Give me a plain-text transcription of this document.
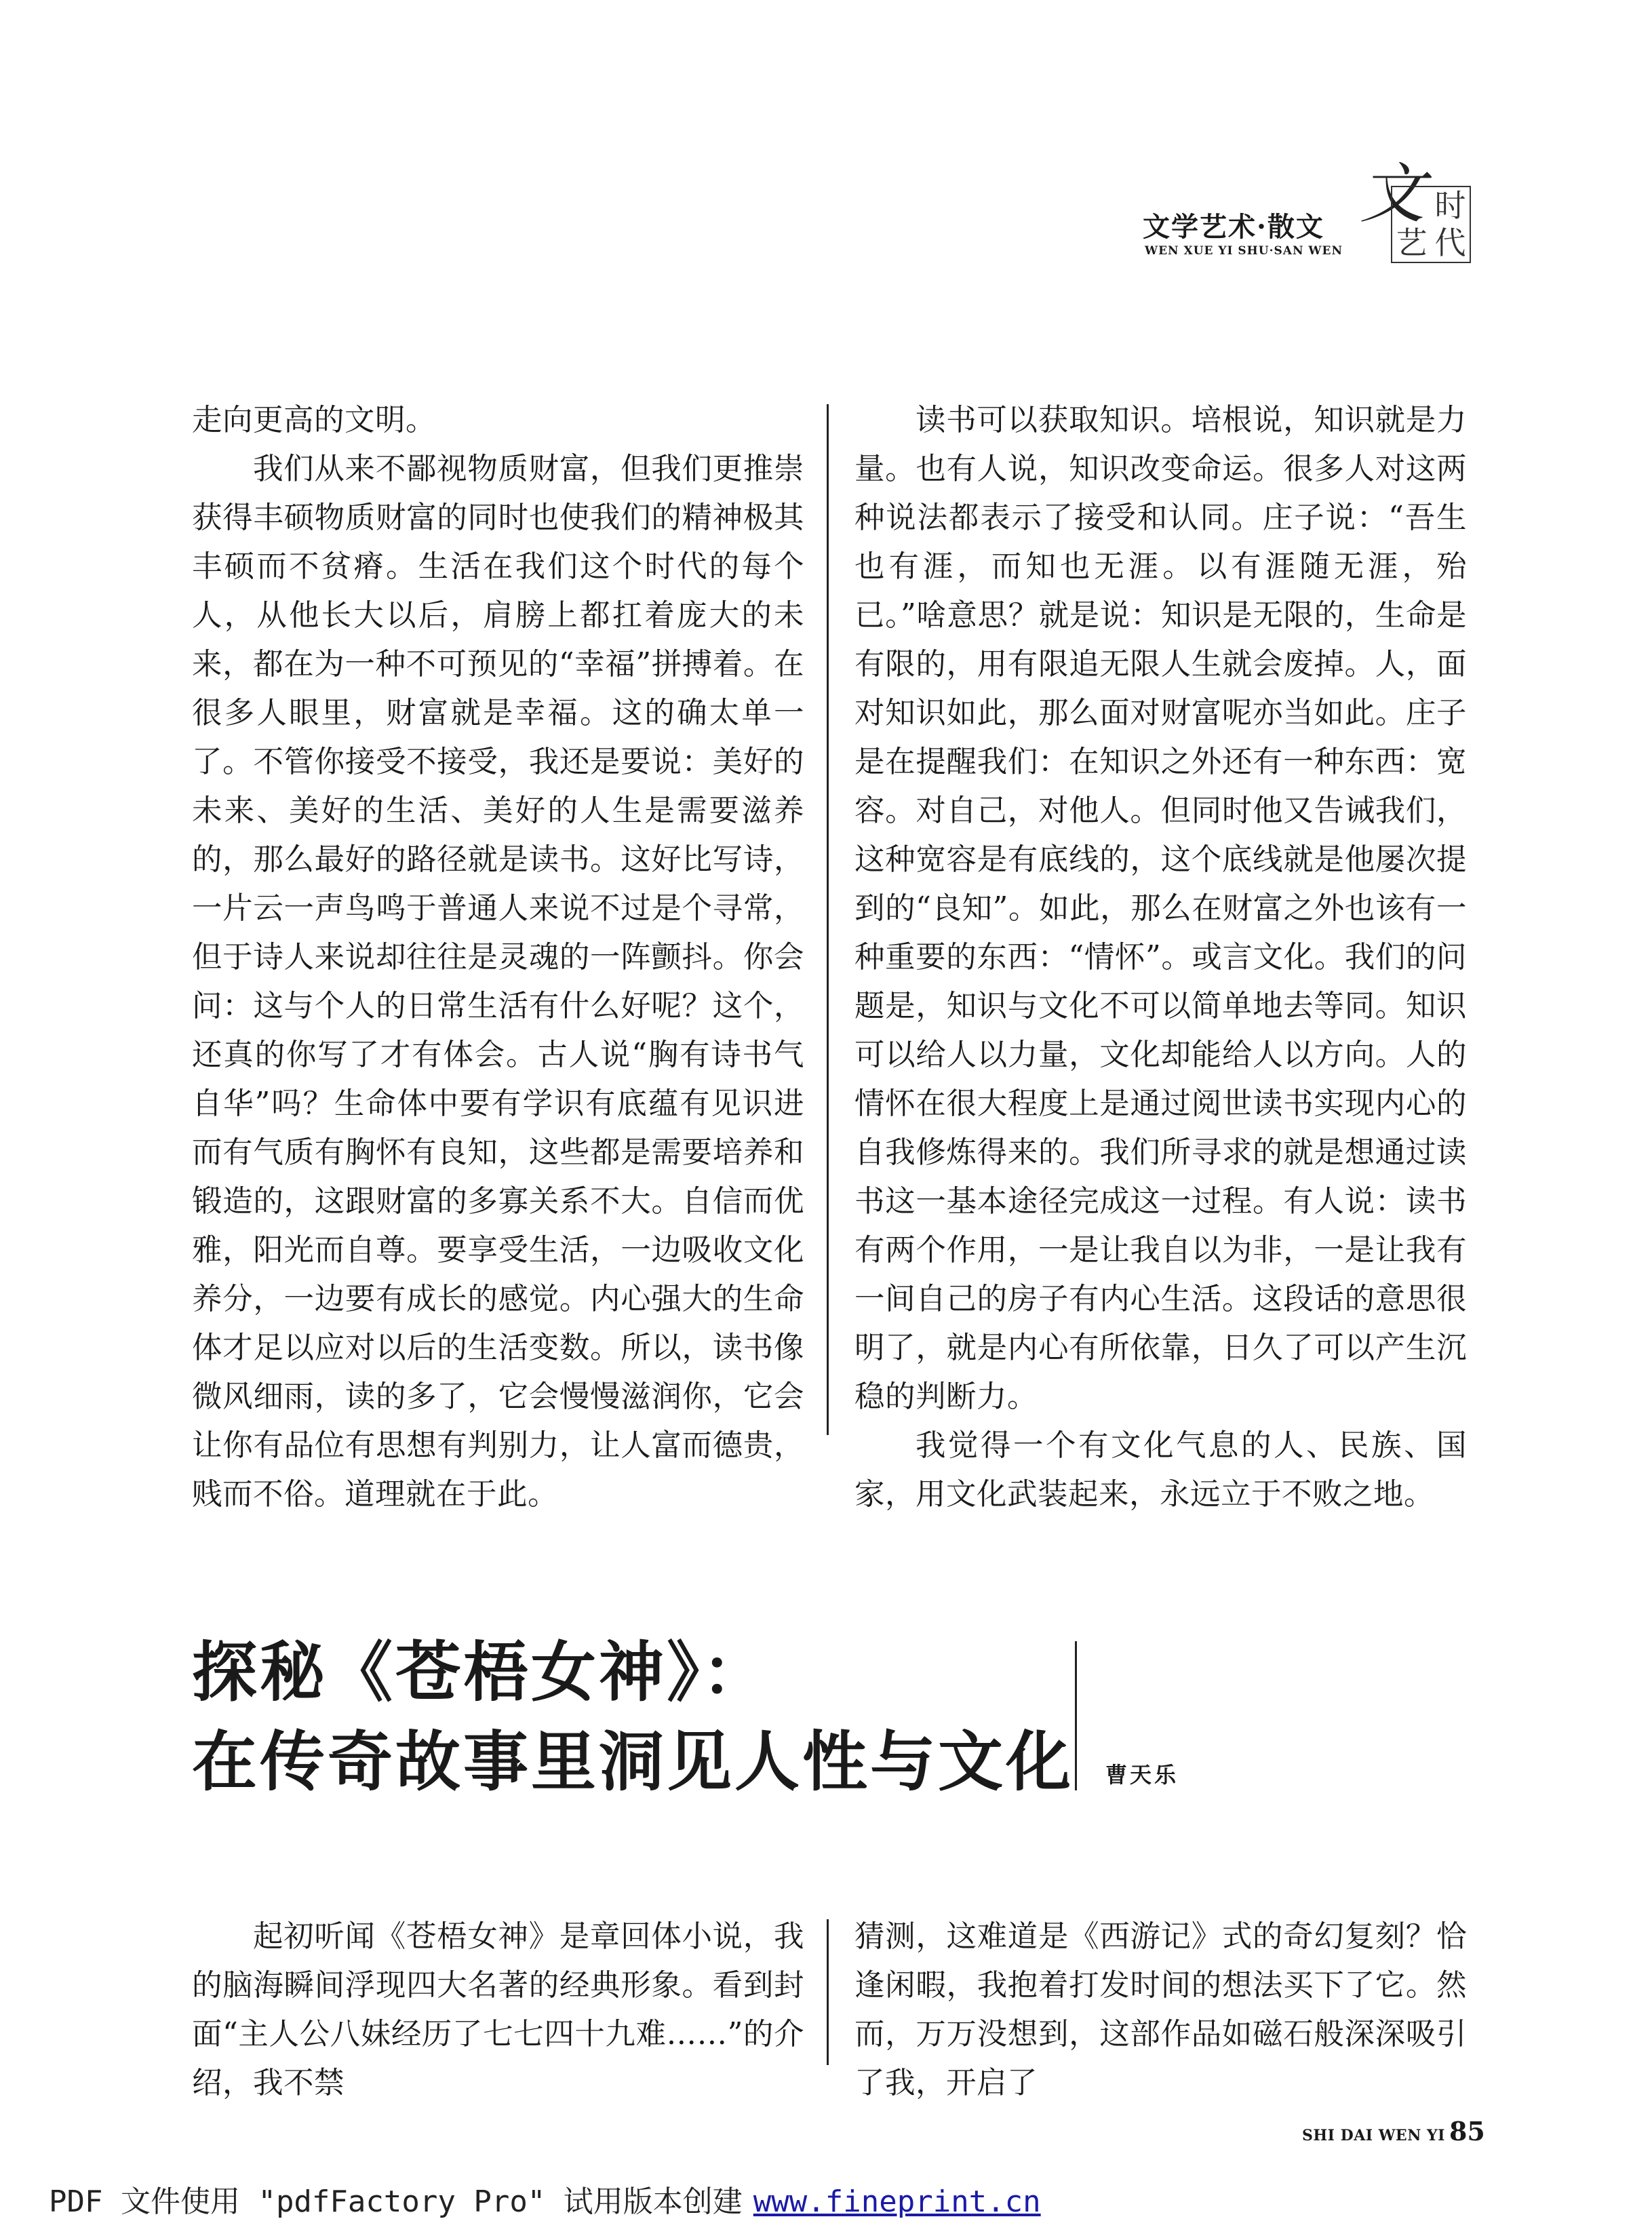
文学艺术·散文
WEN XUE YI SHU·SAN WEN
文 时
艺 代

走向更高的文明。

我们从来不鄙视物质财富，但我们更推崇获得丰硕物质财富的同时也使我们的精神极其丰硕而不贫瘠。生活在我们这个时代的每个人，从他长大以后，肩膀上都扛着庞大的未来，都在为一种不可预见的“幸福”拼搏着。在很多人眼里，财富就是幸福。这的确太单一了。不管你接受不接受，我还是要说：美好的未来、美好的生活、美好的人生是需要滋养的，那么最好的路径就是读书。这好比写诗，一片云一声鸟鸣于普通人来说不过是个寻常，但于诗人来说却往往是灵魂的一阵颤抖。你会问：这与个人的日常生活有什么好呢？这个，还真的你写了才有体会。古人说“胸有诗书气自华”吗？生命体中要有学识有底蕴有见识进而有气质有胸怀有良知，这些都是需要培养和锻造的，这跟财富的多寡关系不大。自信而优雅，阳光而自尊。要享受生活，一边吸收文化养分，一边要有成长的感觉。内心强大的生命体才足以应对以后的生活变数。所以，读书像微风细雨，读的多了，它会慢慢滋润你，它会让你有品位有思想有判别力，让人富而德贵，贱而不俗。道理就在于此。

读书可以获取知识。培根说，知识就是力量。也有人说，知识改变命运。很多人对这两种说法都表示了接受和认同。庄子说：“吾生也有涯，而知也无涯。以有涯随无涯，殆已。”啥意思？就是说：知识是无限的，生命是有限的，用有限追无限人生就会废掉。人，面对知识如此，那么面对财富呢亦当如此。庄子是在提醒我们：在知识之外还有一种东西：宽容。对自己，对他人。但同时他又告诫我们，这种宽容是有底线的，这个底线就是他屡次提到的“良知”。如此，那么在财富之外也该有一种重要的东西：“情怀”。或言文化。我们的问题是，知识与文化不可以简单地去等同。知识可以给人以力量，文化却能给人以方向。人的情怀在很大程度上是通过阅世读书实现内心的自我修炼得来的。我们所寻求的就是想通过读书这一基本途径完成这一过程。有人说：读书有两个作用，一是让我自以为非，一是让我有一间自己的房子有内心生活。这段话的意思很明了，就是内心有所依靠，日久了可以产生沉稳的判断力。

我觉得一个有文化气息的人、民族、国家，用文化武装起来，永远立于不败之地。

探秘《苍梧女神》：
在传奇故事里洞见人性与文化 曹天乐

起初听闻《苍梧女神》是章回体小说，我的脑海瞬间浮现四大名著的经典形象。看到封面“主人公八妹经历了七七四十九难……”的介绍，我不禁

猜测，这难道是《西游记》式的奇幻复刻？恰逢闲暇，我抱着打发时间的想法买下了它。然而，万万没想到，这部作品如磁石般深深吸引了我，开启了

SHI DAI WEN YI 85
PDF 文件使用 "pdfFactory Pro" 试用版本创建 www.fineprint.cn
